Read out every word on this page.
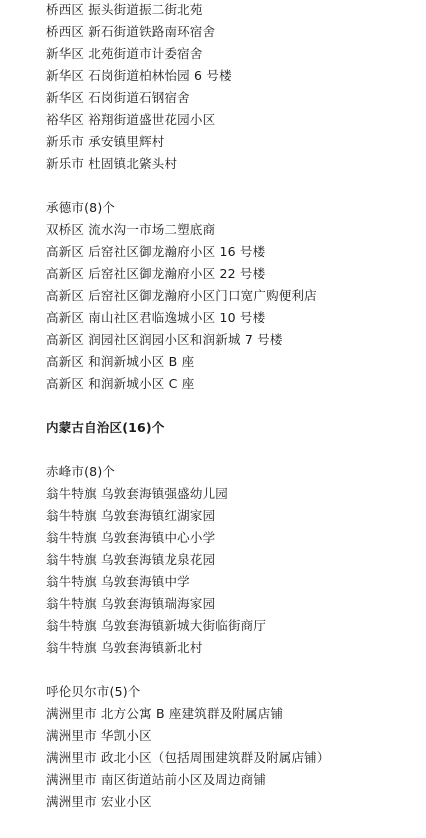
桥西区 振头街道振二街北苑
桥西区 新石街道铁路南环宿舍
新华区 北苑街道市计委宿舍
新华区 石岗街道柏林怡园 6 号楼
新华区 石岗街道石钢宿舍
裕华区 裕翔街道盛世花园小区
新乐市 承安镇里辉村
新乐市 杜固镇北綮头村
承德市(8)个
双桥区 流水沟一市场二塑底商
高新区 后窑社区御龙瀚府小区 16 号楼
高新区 后窑社区御龙瀚府小区 22 号楼
高新区 后窑社区御龙瀚府小区门口宽广购便利店
高新区 南山社区君临逸城小区 10 号楼
高新区 润园社区润园小区和润新城 7 号楼
高新区 和润新城小区 B 座
高新区 和润新城小区 C 座
内蒙古自治区(16)个
赤峰市(8)个
翁牛特旗 乌敦套海镇强盛幼儿园
翁牛特旗 乌敦套海镇红湖家园
翁牛特旗 乌敦套海镇中心小学
翁牛特旗 乌敦套海镇龙泉花园
翁牛特旗 乌敦套海镇中学
翁牛特旗 乌敦套海镇瑞海家园
翁牛特旗 乌敦套海镇新城大街临街商厅
翁牛特旗 乌敦套海镇新北村
呼伦贝尔市(5)个
满洲里市 北方公寓 B 座建筑群及附属店铺
满洲里市 华凯小区
满洲里市 政北小区（包括周围建筑群及附属店铺）
满洲里市 南区街道站前小区及周边商铺
满洲里市 宏业小区
